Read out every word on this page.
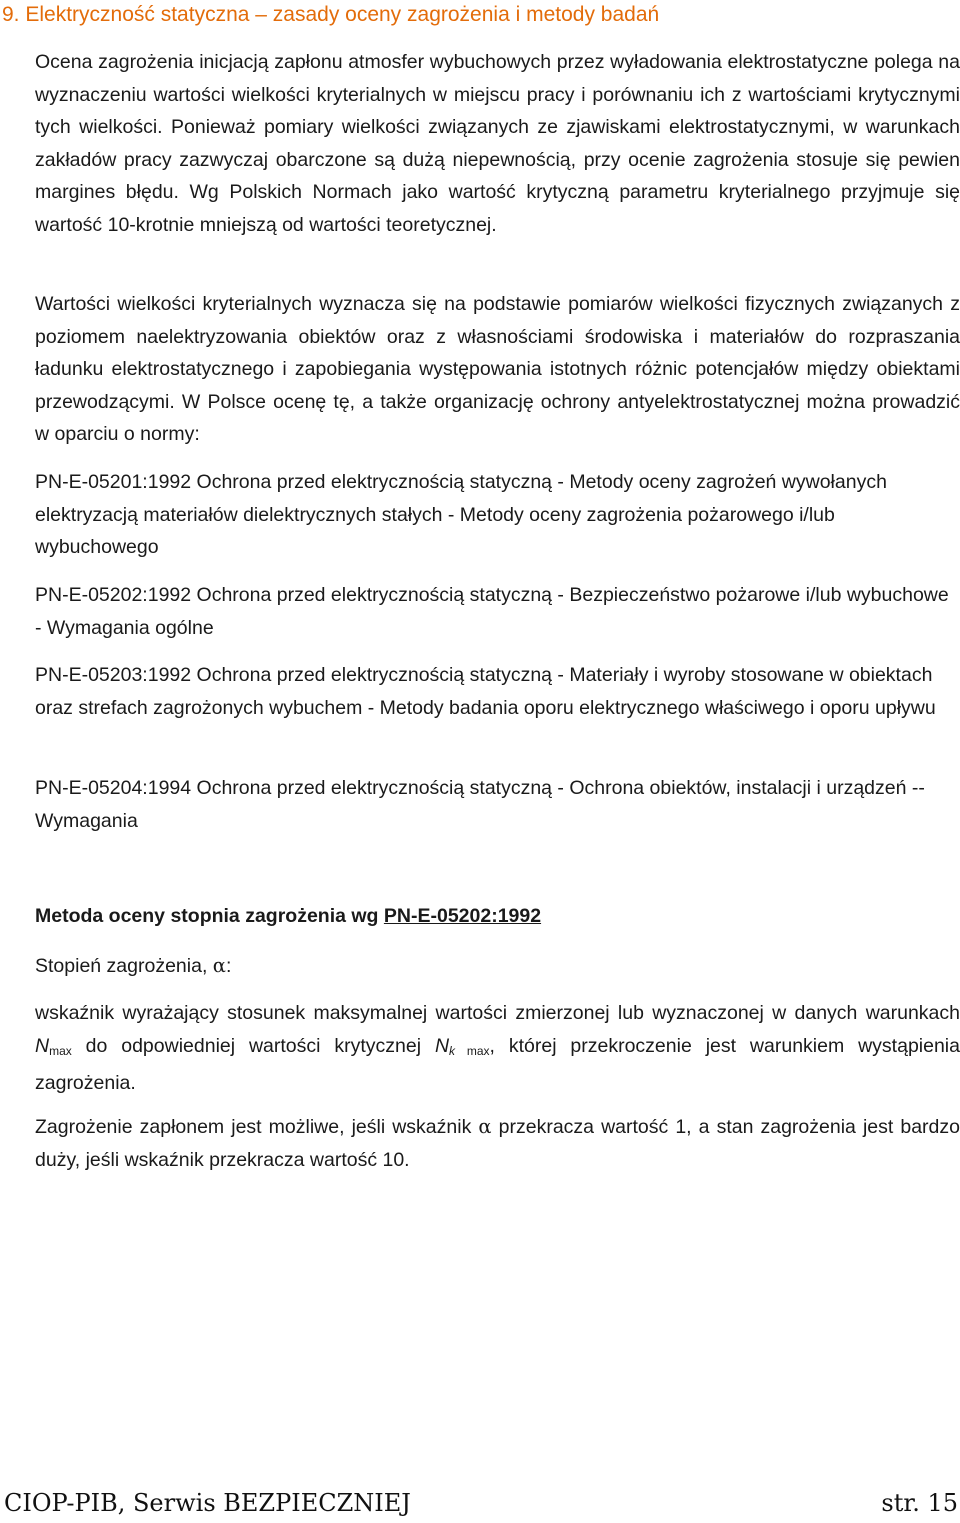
9. Elektryczność statyczna – zasady oceny zagrożenia i metody badań

Ocena zagrożenia inicjacją zapłonu atmosfer wybuchowych przez wyładowania elektrostatyczne polega na wyznaczeniu wartości wielkości kryterialnych w miejscu pracy i porównaniu ich z wartościami krytycznymi tych wielkości. Ponieważ pomiary wielkości związanych ze zjawiskami elektrostatycznymi, w warunkach zakładów pracy zazwyczaj obarczone są dużą niepewnością, przy ocenie zagrożenia stosuje się pewien margines błędu. Wg Polskich Normach jako wartość krytyczną parametru kryterialnego przyjmuje się wartość 10-krotnie mniejszą od wartości teoretycznej.

Wartości wielkości kryterialnych wyznacza się na podstawie pomiarów wielkości fizycznych związanych z poziomem naelektryzowania obiektów oraz z własnościami środowiska i materiałów do rozpraszania ładunku elektrostatycznego i zapobiegania występowania istotnych różnic potencjałów między obiektami przewodzącymi. W Polsce ocenę tę, a także organizację ochrony antyelektrostatycznej można prowadzić w oparciu o normy:

PN-E-05201:1992 Ochrona przed elektrycznością statyczną - Metody oceny zagrożeń wywołanych elektryzacją materiałów dielektrycznych stałych - Metody oceny zagrożenia pożarowego i/lub wybuchowego

PN-E-05202:1992 Ochrona przed elektrycznością statyczną - Bezpieczeństwo pożarowe i/lub wybuchowe - Wymagania ogólne

PN-E-05203:1992 Ochrona przed elektrycznością statyczną - Materiały i wyroby stosowane w obiektach oraz strefach zagrożonych wybuchem - Metody badania oporu elektrycznego właściwego i oporu upływu

PN-E-05204:1994 Ochrona przed elektrycznością statyczną - Ochrona obiektów, instalacji i urządzeń -- Wymagania

Metoda oceny stopnia zagrożenia wg PN-E-05202:1992

Stopień zagrożenia, α:

wskaźnik wyrażający stosunek maksymalnej wartości zmierzonej lub wyznaczonej w danych warunkach $N_{max}$ do odpowiedniej wartości krytycznej $N_k$ $_{max}$, której przekroczenie jest warunkiem wystąpienia zagrożenia.

Zagrożenie zapłonem jest możliwe, jeśli wskaźnik α przekracza wartość 1, a stan zagrożenia jest bardzo duży, jeśli wskaźnik przekracza wartość 10.

CIOP-PIB, Serwis BEZPIECZNIEJ	str. 15
